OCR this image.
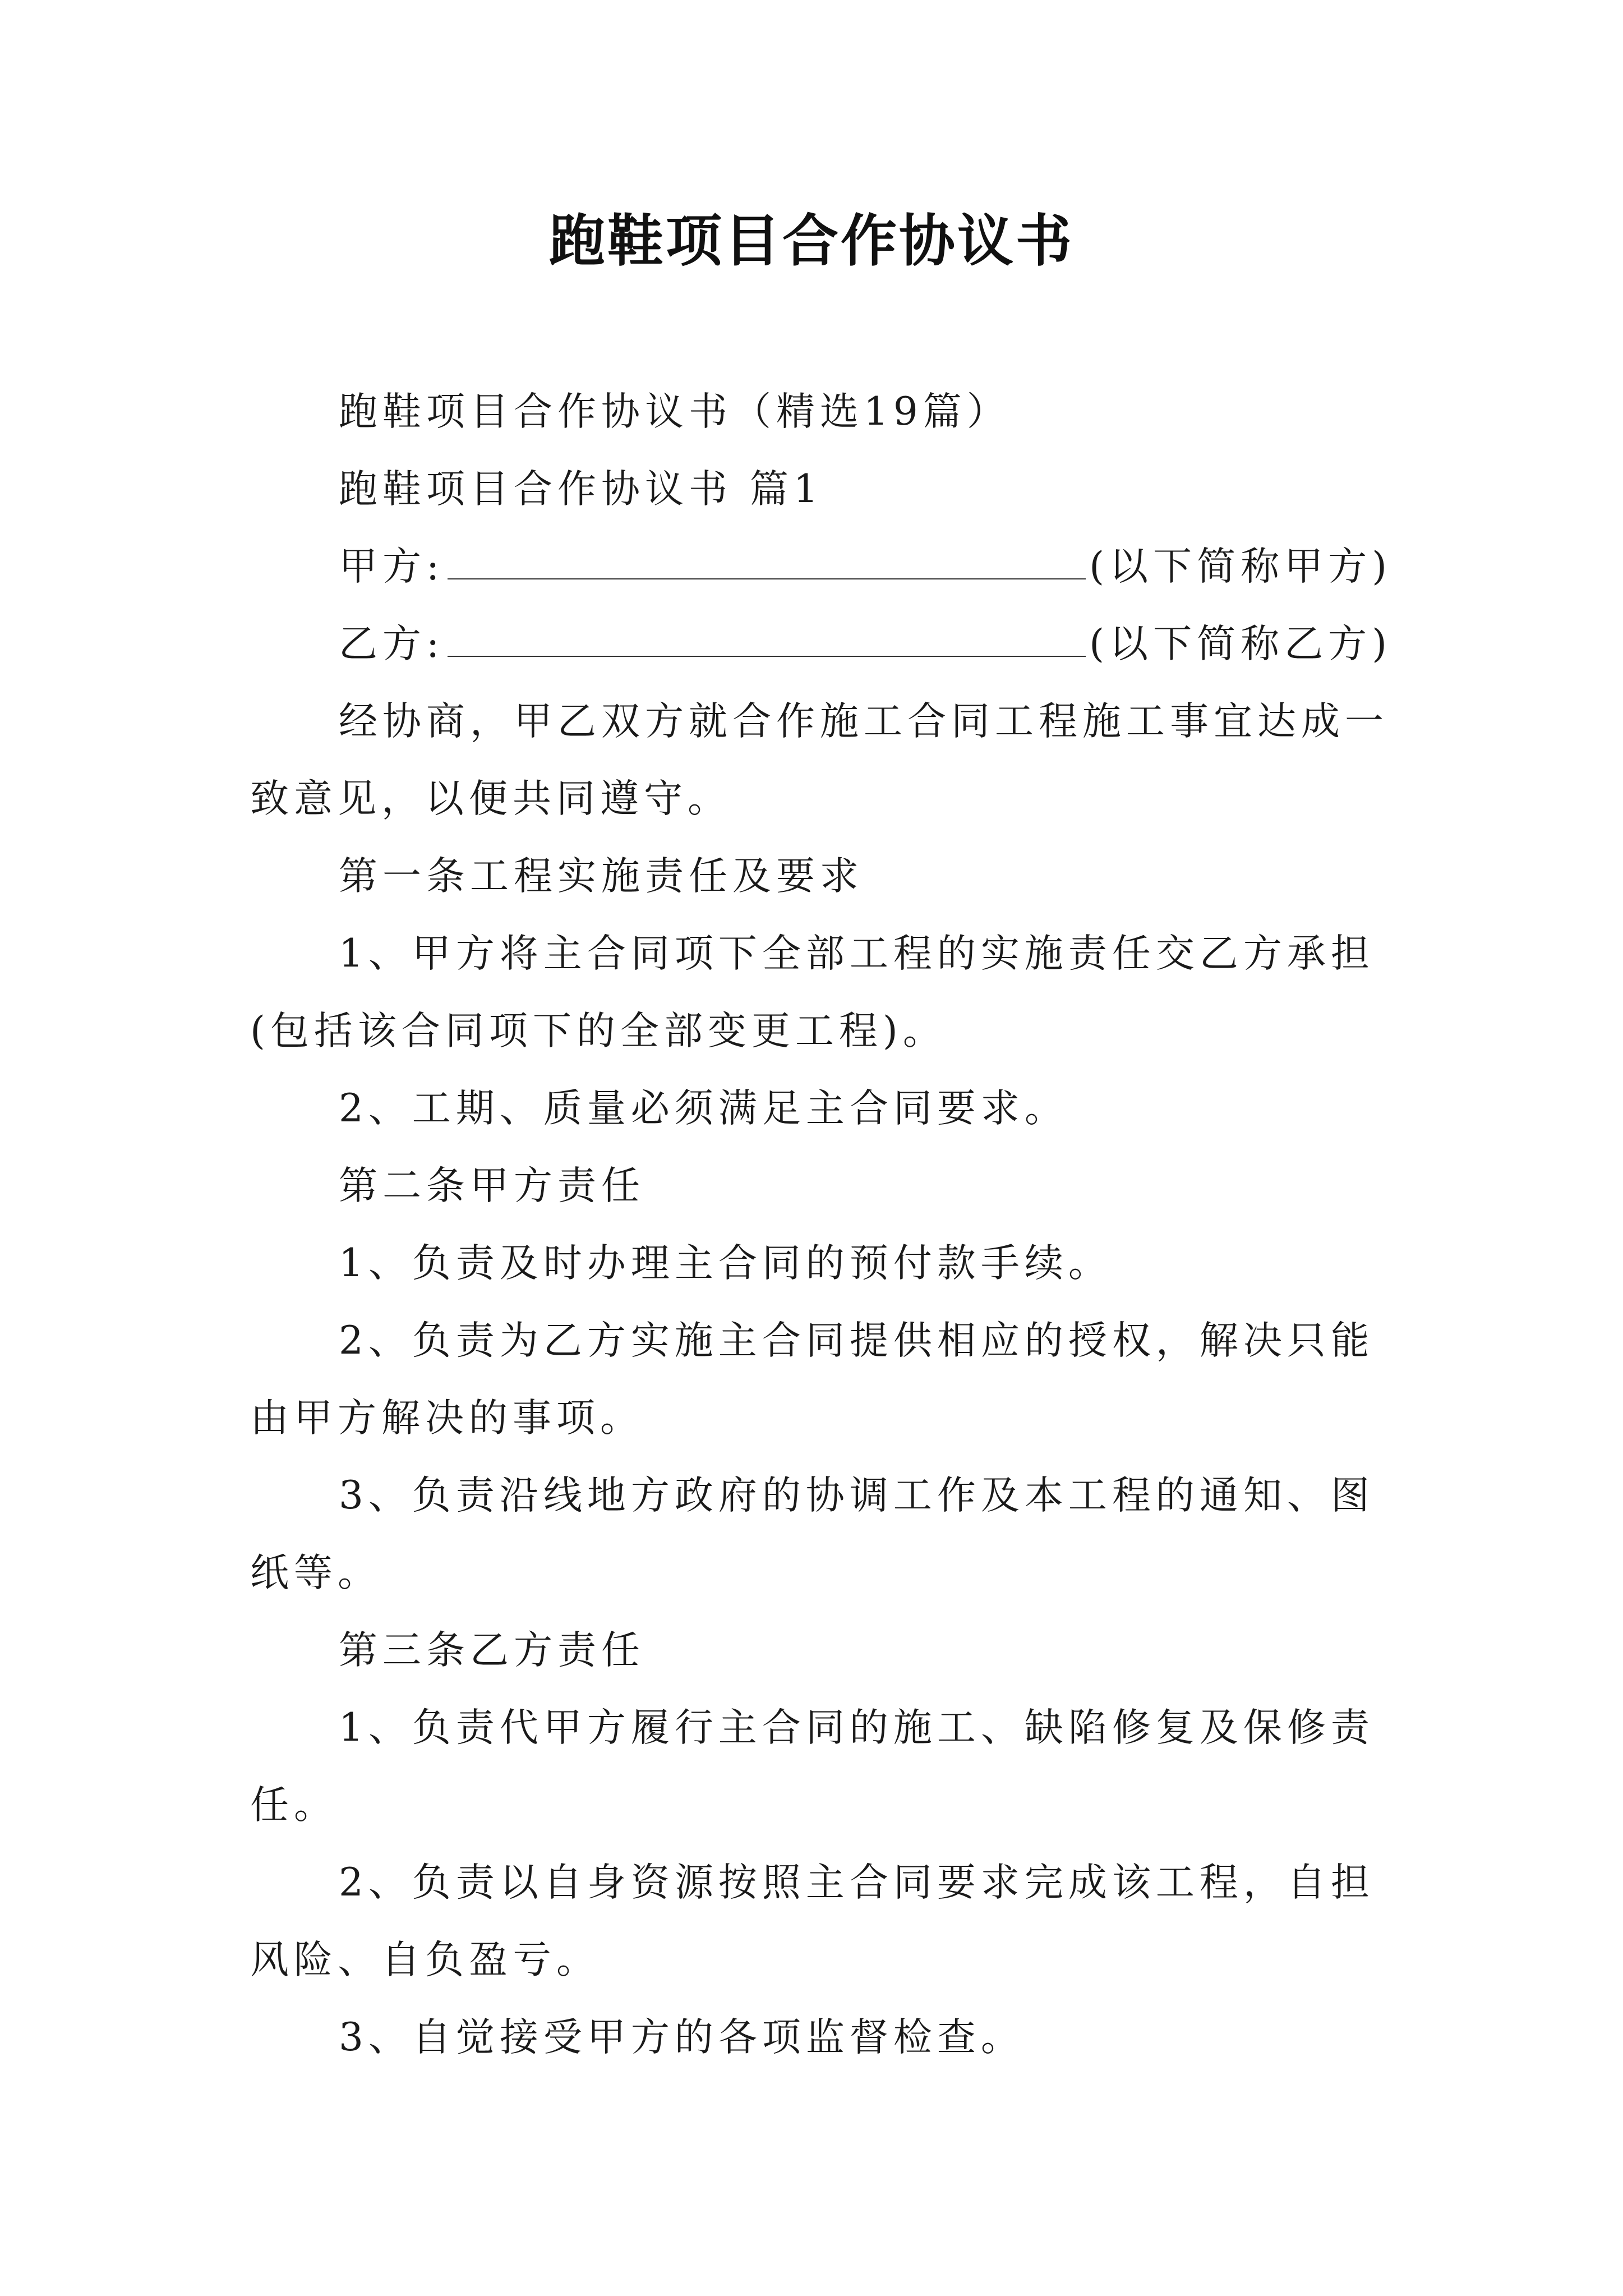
跑鞋项目合作协议书

跑鞋项目合作协议书（精选19篇）

跑鞋项目合作协议书 篇1

甲方:	(以下简称甲方)
乙方:	(以下简称乙方)

经协商，甲乙双方就合作施工合同工程施工事宜达成一致意见，以便共同遵守。

第一条工程实施责任及要求

1、甲方将主合同项下全部工程的实施责任交乙方承担(包括该合同项下的全部变更工程)。

2、工期、质量必须满足主合同要求。

第二条甲方责任

1、负责及时办理主合同的预付款手续。

2、负责为乙方实施主合同提供相应的授权，解决只能由甲方解决的事项。

3、负责沿线地方政府的协调工作及本工程的通知、图纸等。

第三条乙方责任

1、负责代甲方履行主合同的施工、缺陷修复及保修责任。

2、负责以自身资源按照主合同要求完成该工程，自担风险、自负盈亏。

3、自觉接受甲方的各项监督检查。
